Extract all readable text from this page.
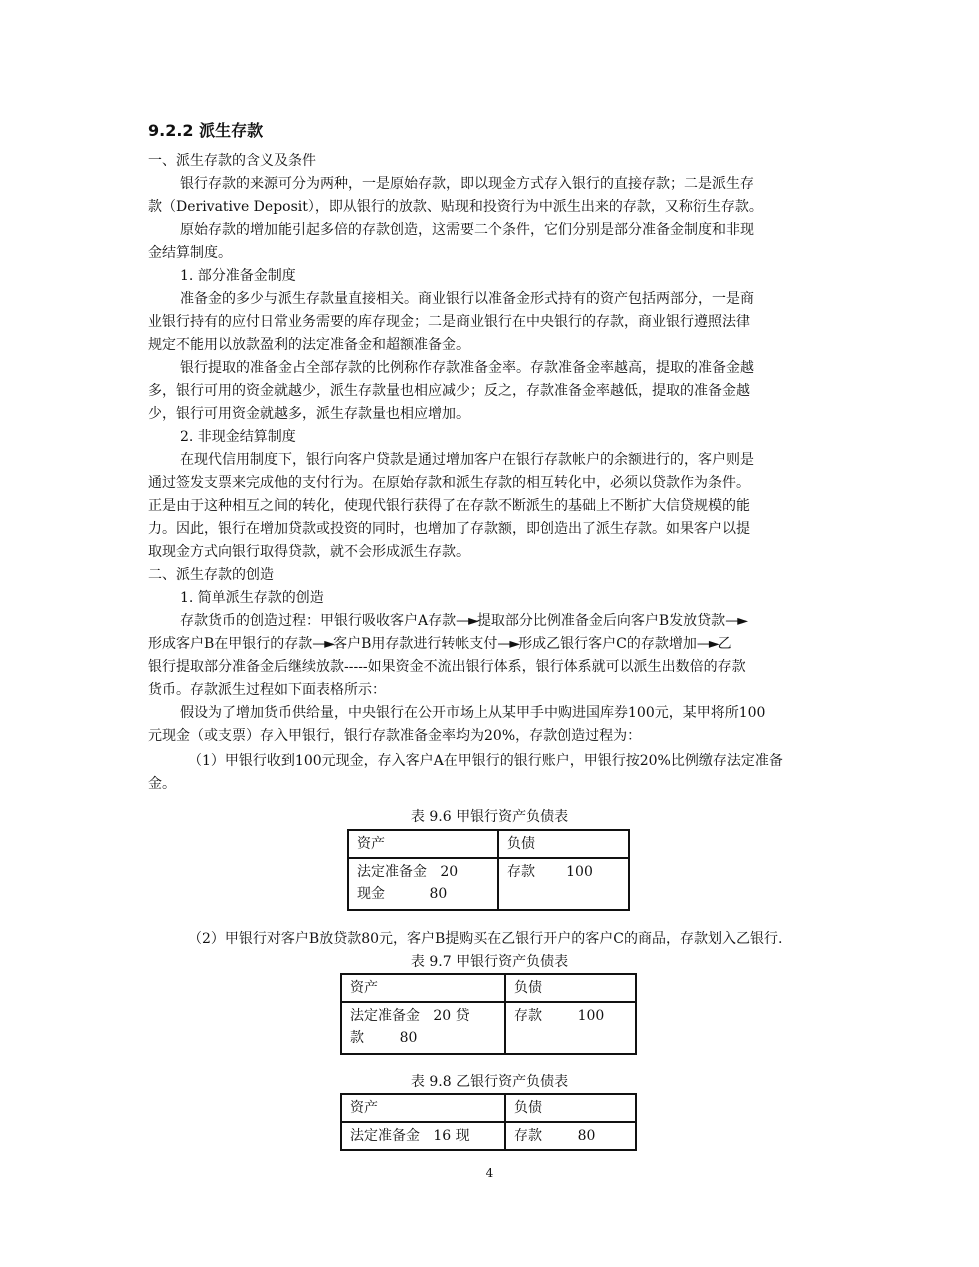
9.2.2 派生存款
一、派生存款的含义及条件
银行存款的来源可分为两种，一是原始存款，即以现金方式存入银行的直接存款；二是派生存
款（Derivative Deposit），即从银行的放款、贴现和投资行为中派生出来的存款，又称衍生存款。
原始存款的增加能引起多倍的存款创造，这需要二个条件，它们分别是部分准备金制度和非现
金结算制度。
1. 部分准备金制度
准备金的多少与派生存款量直接相关。商业银行以准备金形式持有的资产包括两部分，一是商
业银行持有的应付日常业务需要的库存现金；二是商业银行在中央银行的存款，商业银行遵照法律
规定不能用以放款盈利的法定准备金和超额准备金。
银行提取的准备金占全部存款的比例称作存款准备金率。存款准备金率越高，提取的准备金越
多，银行可用的资金就越少，派生存款量也相应减少；反之，存款准备金率越低，提取的准备金越
少，银行可用资金就越多，派生存款量也相应增加。
2. 非现金结算制度
在现代信用制度下，银行向客户贷款是通过增加客户在银行存款帐户的余额进行的，客户则是
通过签发支票来完成他的支付行为。在原始存款和派生存款的相互转化中，必须以贷款作为条件。
正是由于这种相互之间的转化，使现代银行获得了在存款不断派生的基础上不断扩大信贷规模的能
力。因此，银行在增加贷款或投资的同时，也增加了存款额，即创造出了派生存款。如果客户以提
取现金方式向银行取得贷款，就不会形成派生存款。
二、派生存款的创造
1. 简单派生存款的创造
存款货币的创造过程：甲银行吸收客户A存款—►提取部分比例准备金后向客户B发放贷款—►
形成客户B在甲银行的存款—►客户B用存款进行转帐支付—►形成乙银行客户C的存款增加—►乙
银行提取部分准备金后继续放款-----如果资金不流出银行体系，银行体系就可以派生出数倍的存款
货币。存款派生过程如下面表格所示：
假设为了增加货币供给量，中央银行在公开市场上从某甲手中购进国库券100元，某甲将所100
元现金（或支票）存入甲银行，银行存款准备金率均为20%，存款创造过程为：
（1）甲银行收到100元现金，存入客户A在甲银行的银行账户，甲银行按20%比例缴存法定准备
金。
表 9.6 甲银行资产负债表
资产	负债

法定准备金   20
现金          80	存款       100
（2）甲银行对客户B放贷款80元，客户B提购买在乙银行开户的客户C的商品，存款划入乙银行.
表 9.7 甲银行资产负债表
资产	负债

法定准备金   20 贷
款        80	存款        100
表 9.8 乙银行资产负债表
资产	负债
法定准备金   16 现	存款        80
4
